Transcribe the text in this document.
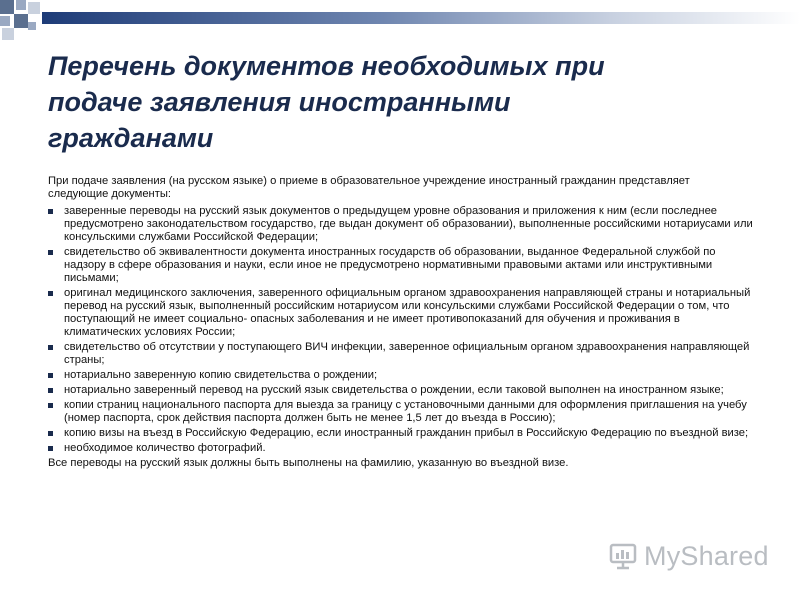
Перечень документов необходимых при
подаче заявления иностранными
гражданами

При подаче заявления (на русском языке) о приеме в образовательное учреждение иностранный гражданин представляет следующие документы:

заверенные переводы на русский язык документов о предыдущем уровне образования и приложения к ним (если последнее предусмотрено законодательством государство, где выдан документ об образовании), выполненные российскими нотариусами или консульскими службами Российской Федерации;
свидетельство об эквивалентности документа иностранных государств об образовании, выданное Федеральной службой по надзору в сфере образования и науки, если иное не предусмотрено нормативными правовыми актами или инструктивными письмами;
оригинал медицинского заключения, заверенного официальным органом здравоохранения направляющей страны и нотариальный перевод на русский язык, выполненный российским нотариусом или консульскими службами Российской Федерации о том, что поступающий не имеет социально- опасных заболевания и не имеет противопоказаний для обучения и проживания в климатических условиях России;
свидетельство об отсутствии у поступающего ВИЧ инфекции, заверенное официальным органом здравоохранения направляющей страны;
нотариально заверенную копию свидетельства о рождении;
нотариально заверенный перевод на русский язык свидетельства о рождении, если таковой выполнен на иностранном языке;
копии страниц национального паспорта для выезда за границу с установочными данными для оформления приглашения на учебу (номер паспорта, срок действия паспорта должен быть не менее 1,5 лет до въезда в Россию);
копию визы на въезд в Российскую Федерацию, если иностранный гражданин прибыл в Российскую Федерацию по въездной визе;
необходимое количество фотографий.

Все переводы на русский язык должны быть выполнены на фамилию, указанную во въездной визе.

MyShared
